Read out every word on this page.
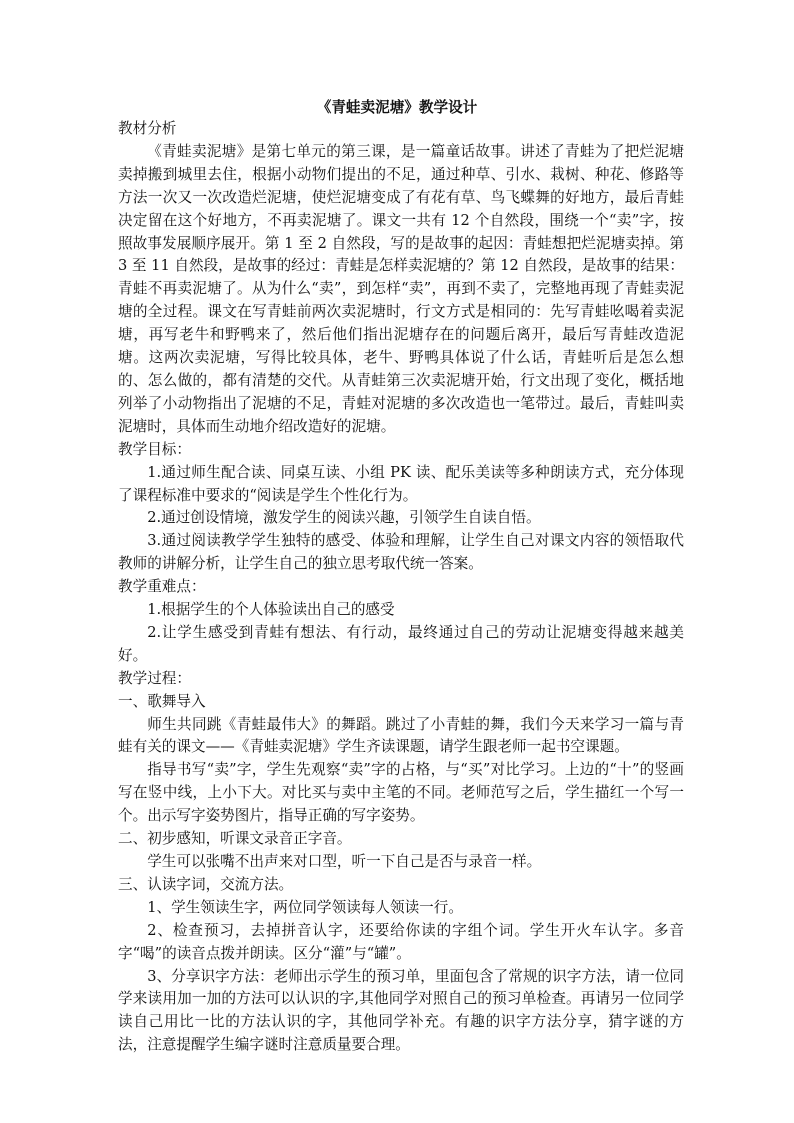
《青蛙卖泥塘》教学设计

教材分析

《青蛙卖泥塘》是第七单元的第三课，是一篇童话故事。讲述了青蛙为了把烂泥塘卖掉搬到城里去住，根据小动物们提出的不足，通过种草、引水、栽树、种花、修路等方法一次又一次改造烂泥塘，使烂泥塘变成了有花有草、鸟飞蝶舞的好地方，最后青蛙决定留在这个好地方，不再卖泥塘了。课文一共有 12 个自然段，围绕一个“卖”字，按照故事发展顺序展开。第 1 至 2 自然段，写的是故事的起因：青蛙想把烂泥塘卖掉。第 3 至 11 自然段，是故事的经过：青蛙是怎样卖泥塘的？第 12 自然段，是故事的结果：青蛙不再卖泥塘了。从为什么“卖”，到怎样“卖”，再到不卖了，完整地再现了青蛙卖泥塘的全过程。课文在写青蛙前两次卖泥塘时，行文方式是相同的：先写青蛙吆喝着卖泥塘，再写老牛和野鸭来了，然后他们指出泥塘存在的问题后离开，最后写青蛙改造泥塘。这两次卖泥塘，写得比较具体，老牛、野鸭具体说了什么话，青蛙听后是怎么想的、怎么做的，都有清楚的交代。从青蛙第三次卖泥塘开始，行文出现了变化，概括地列举了小动物指出了泥塘的不足，青蛙对泥塘的多次改造也一笔带过。最后，青蛙叫卖泥塘时，具体而生动地介绍改造好的泥塘。

教学目标：

1.通过师生配合读、同桌互读、小组 PK 读、配乐美读等多种朗读方式，充分体现了课程标准中要求的“阅读是学生个性化行为。

2.通过创设情境，激发学生的阅读兴趣，引领学生自读自悟。

3.通过阅读教学学生独特的感受、体验和理解，让学生自己对课文内容的领悟取代教师的讲解分析，让学生自己的独立思考取代统一答案。

教学重难点：

1.根据学生的个人体验读出自己的感受

2.让学生感受到青蛙有想法、有行动，最终通过自己的劳动让泥塘变得越来越美好。

教学过程：

一、歌舞导入

师生共同跳《青蛙最伟大》的舞蹈。跳过了小青蛙的舞，我们今天来学习一篇与青蛙有关的课文——《青蛙卖泥塘》学生齐读课题，请学生跟老师一起书空课题。

指导书写“卖”字，学生先观察“卖”字的占格，与“买”对比学习。上边的“十”的竖画写在竖中线，上小下大。对比买与卖中主笔的不同。老师范写之后，学生描红一个写一个。出示写字姿势图片，指导正确的写字姿势。

二、初步感知，听课文录音正字音。

学生可以张嘴不出声来对口型，听一下自己是否与录音一样。

三、认读字词，交流方法。

1、学生领读生字，两位同学领读每人领读一行。

2、检查预习，去掉拼音认字，还要给你读的字组个词。学生开火车认字。多音字“喝”的读音点拨并朗读。区分“灌”与“罐”。

3、分享识字方法：老师出示学生的预习单，里面包含了常规的识字方法，请一位同学来读用加一加的方法可以认识的字,其他同学对照自己的预习单检查。再请另一位同学读自己用比一比的方法认识的字，其他同学补充。有趣的识字方法分享，猜字谜的方法，注意提醒学生编字谜时注意质量要合理。
